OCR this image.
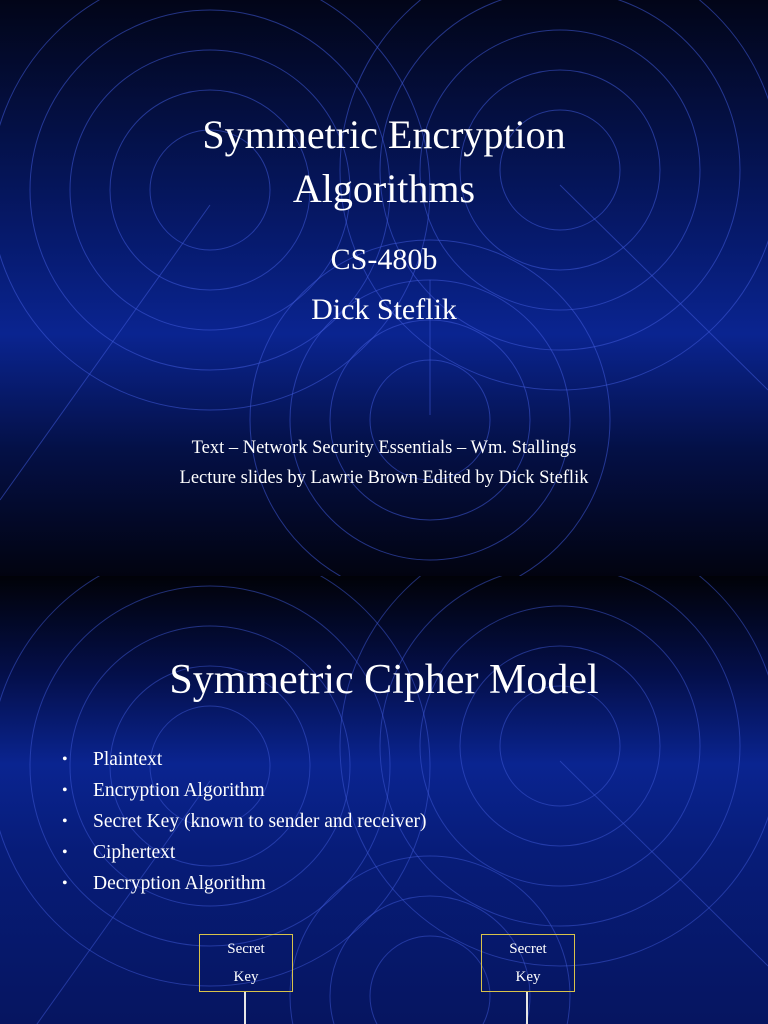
Symmetric Encryption
Algorithms
CS-480b
Dick Steflik
Text – Network Security Essentials – Wm. Stallings
Lecture slides by Lawrie Brown Edited by Dick Steflik
Symmetric Cipher Model
• Plaintext
• Encryption Algorithm
• Secret Key (known to sender and receiver)
• Ciphertext
• Decryption Algorithm
Secret
Key
Secret
Key
